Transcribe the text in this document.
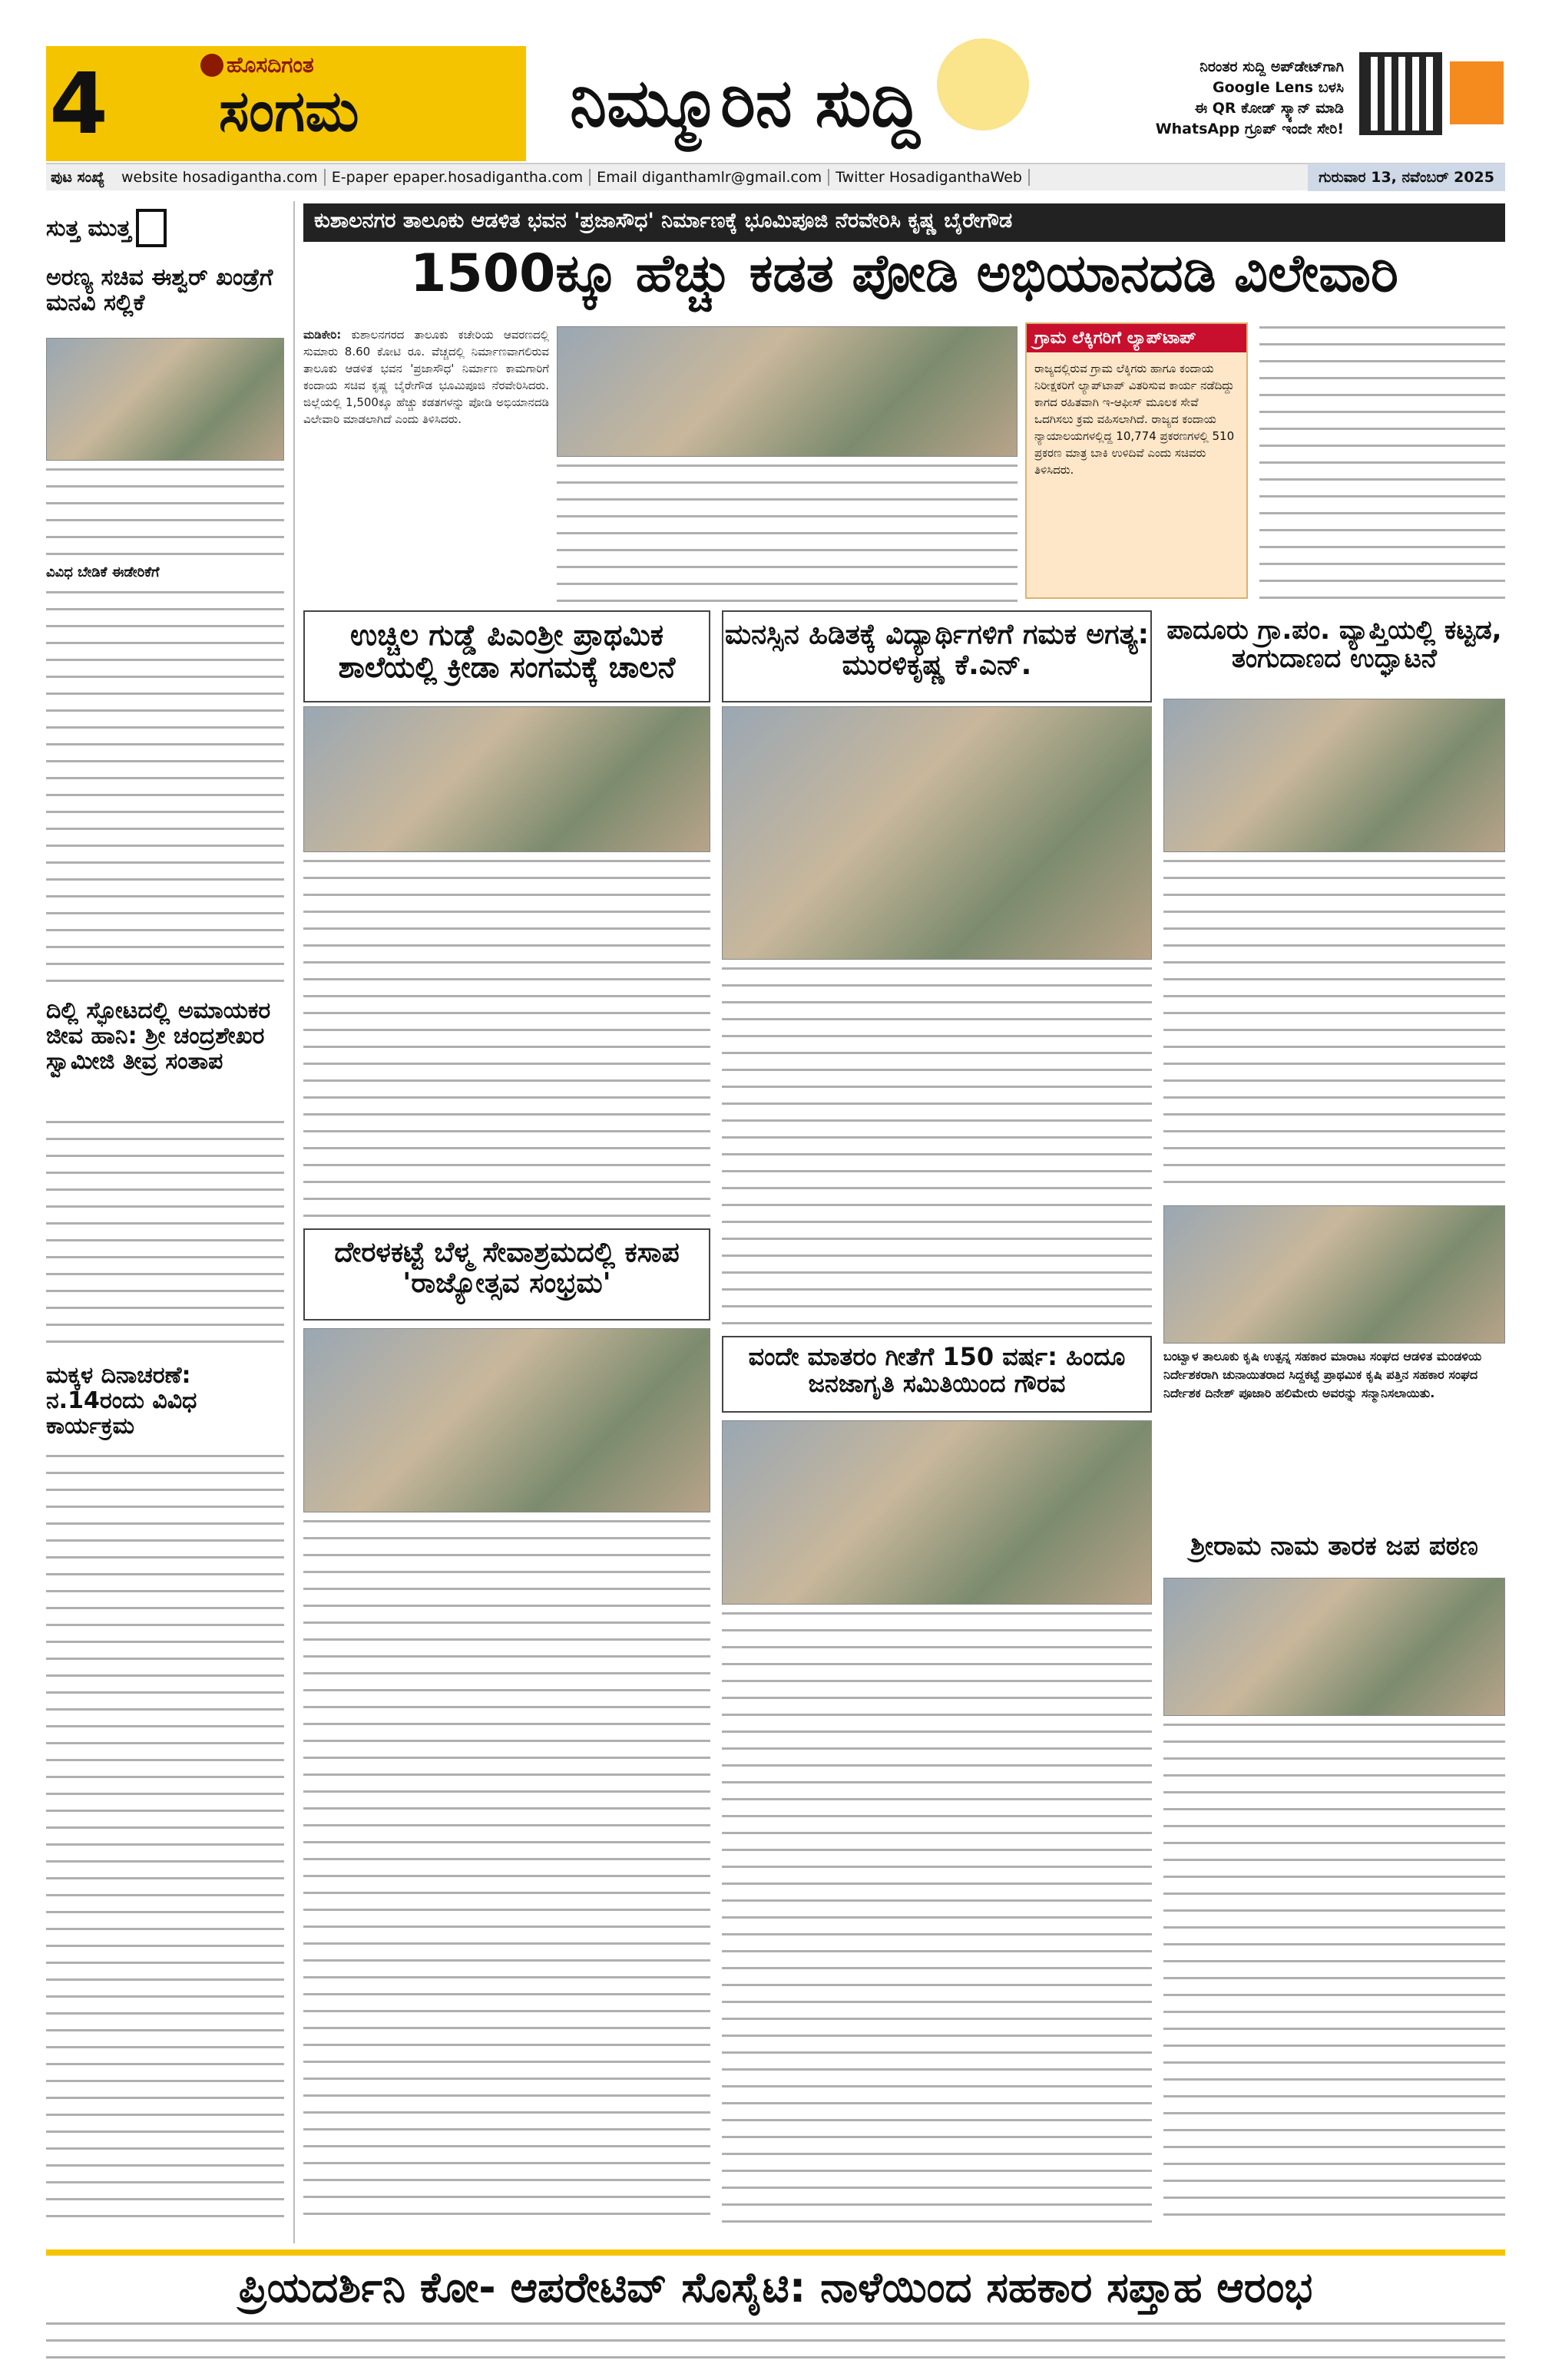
4	ಹೊಸದಿಗಂತ
ಸಂಗಮ	ನಿಮ್ಮೂರಿನ ಸುದ್ದಿ	ನಿರಂತರ ಸುದ್ದಿ ಅಪ್‌ಡೇಟ್‌ಗಾಗಿ
Google Lens ಬಳಸಿ
ಈ QR ಕೋಡ್ ಸ್ಕ್ಯಾನ್ ಮಾಡಿ
WhatsApp ಗ್ರೂಪ್ ಇಂದೇ ಸೇರಿ!
ಪುಟ ಸಂಖ್ಯೆ	website hosadigantha.com E-paper epaper.hosadigantha.com Email diganthamlr@gmail.com Twitter HosadiganthaWeb	ಗುರುವಾರ 13, ನವೆಂಬರ್ 2025
ಸುತ್ತ ಮುತ್ತ
ಅರಣ್ಯ ಸಚಿವ ಈಶ್ವರ್ ಖಂಡ್ರೆಗೆ ಮನವಿ ಸಲ್ಲಿಕೆ
ವಿವಿಧ ಬೇಡಿಕೆ ಈಡೇರಿಕೆಗೆ
ದಿಲ್ಲಿ ಸ್ಫೋಟದಲ್ಲಿ ಅಮಾಯಕರ ಜೀವ ಹಾನಿ: ಶ್ರೀ ಚಂದ್ರಶೇಖರ ಸ್ವಾಮೀಜಿ ತೀವ್ರ ಸಂತಾಪ
ಮಕ್ಕಳ ದಿನಾಚರಣೆ: ನ.14ರಂದು ವಿವಿಧ ಕಾರ್ಯಕ್ರಮ
ಕುಶಾಲನಗರ ತಾಲೂಕು ಆಡಳಿತ ಭವನ 'ಪ್ರಜಾಸೌಧ' ನಿರ್ಮಾಣಕ್ಕೆ ಭೂಮಿಪೂಜಿ ನೆರವೇರಿಸಿ ಕೃಷ್ಣ ಬೈರೇಗೌಡ
1500ಕ್ಕೂ ಹೆಚ್ಚು ಕಡತ ಪೋಡಿ ಅಭಿಯಾನದಡಿ ವಿಲೇವಾರಿ

ಮಡಿಕೇರಿ: ಕುಶಾಲನಗರದ ತಾಲೂಕು ಕಚೇರಿಯ ಆವರಣದಲ್ಲಿ ಸುಮಾರು 8.60 ಕೋಟಿ ರೂ. ವೆಚ್ಚದಲ್ಲಿ ನಿರ್ಮಾಣವಾಗಲಿರುವ ತಾಲೂಕು ಆಡಳಿತ ಭವನ 'ಪ್ರಜಾಸೌಧ' ನಿರ್ಮಾಣ ಕಾಮಗಾರಿಗೆ ಕಂದಾಯ ಸಚಿವ ಕೃಷ್ಣ ಬೈರೇಗೌಡ ಭೂಮಿಪೂಜಿ ನೆರವೇರಿಸಿದರು. ಜಿಲ್ಲೆಯಲ್ಲಿ 1,500ಕ್ಕೂ ಹೆಚ್ಚು ಕಡತಗಳನ್ನು ಪೋಡಿ ಅಭಿಯಾನದಡಿ ವಿಲೇವಾರಿ ಮಾಡಲಾಗಿದೆ ಎಂದು ತಿಳಿಸಿದರು.

ಗ್ರಾಮ ಲೆಕ್ಕಿಗರಿಗೆ ಲ್ಯಾಪ್‌ಟಾಪ್
ರಾಜ್ಯದಲ್ಲಿರುವ ಗ್ರಾಮ ಲೆಕ್ಕಿಗರು ಹಾಗೂ ಕಂದಾಯ ನಿರೀಕ್ಷಕರಿಗೆ ಲ್ಯಾಪ್‌ಟಾಪ್ ವಿತರಿಸುವ ಕಾರ್ಯ ನಡೆದಿದ್ದು ಕಾಗದ ರಹಿತವಾಗಿ ಇ-ಆಫೀಸ್ ಮೂಲಕ ಸೇವೆ ಒದಗಿಸಲು ಕ್ರಮ ವಹಿಸಲಾಗಿದೆ. ರಾಜ್ಯದ ಕಂದಾಯ ನ್ಯಾಯಾಲಯಗಳಲ್ಲಿದ್ದ 10,774 ಪ್ರಕರಣಗಳಲ್ಲಿ 510 ಪ್ರಕರಣ ಮಾತ್ರ ಬಾಕಿ ಉಳಿದಿವೆ ಎಂದು ಸಚಿವರು ತಿಳಿಸಿದರು.
ಉಚ್ಚಿಲ ಗುಡ್ಡೆ ಪಿಎಂಶ್ರೀ ಪ್ರಾಥಮಿಕ ಶಾಲೆಯಲ್ಲಿ ಕ್ರೀಡಾ ಸಂಗಮಕ್ಕೆ ಚಾಲನೆ
ಮನಸ್ಸಿನ ಹಿಡಿತಕ್ಕೆ ವಿದ್ಯಾರ್ಥಿಗಳಿಗೆ ಗಮಕ ಅಗತ್ಯ: ಮುರಳಿಕೃಷ್ಣ ಕೆ.ಎನ್.
ಪಾದೂರು ಗ್ರಾ.ಪಂ. ವ್ಯಾಪ್ತಿಯಲ್ಲಿ ಕಟ್ಟಡ, ತಂಗುದಾಣದ ಉದ್ಘಾಟನೆ
ದೇರಳಕಟ್ಟೆ ಬೆಳ್ಮ ಸೇವಾಶ್ರಮದಲ್ಲಿ ಕಸಾಪ 'ರಾಜ್ಯೋತ್ಸವ ಸಂಭ್ರಮ'
ವಂದೇ ಮಾತರಂ ಗೀತೆಗೆ 150 ವರ್ಷ: ಹಿಂದೂ ಜನಜಾಗೃತಿ ಸಮಿತಿಯಿಂದ ಗೌರವ
ಬಂಟ್ವಾಳ ತಾಲೂಕು ಕೃಷಿ ಉತ್ಪನ್ನ ಸಹಕಾರ ಮಾರಾಟ ಸಂಘದ ಆಡಳಿತ ಮಂಡಳಿಯ ನಿರ್ದೇಶಕರಾಗಿ ಚುನಾಯಿತರಾದ ಸಿದ್ದಕಟ್ಟೆ ಪ್ರಾಥಮಿಕ ಕೃಷಿ ಪತ್ತಿನ ಸಹಕಾರ ಸಂಘದ ನಿರ್ದೇಶಕ ದಿನೇಶ್ ಪೂಜಾರಿ ಹಲಿಮೇರು ಅವರನ್ನು ಸನ್ಮಾನಿಸಲಾಯಿತು.
ಶ್ರೀರಾಮ ನಾಮ ತಾರಕ ಜಪ ಪಠಣ
ಪ್ರಿಯದರ್ಶಿನಿ ಕೋ- ಆಪರೇಟಿವ್ ಸೊಸೈಟಿ: ನಾಳೆಯಿಂದ ಸಹಕಾರ ಸಪ್ತಾಹ ಆರಂಭ
